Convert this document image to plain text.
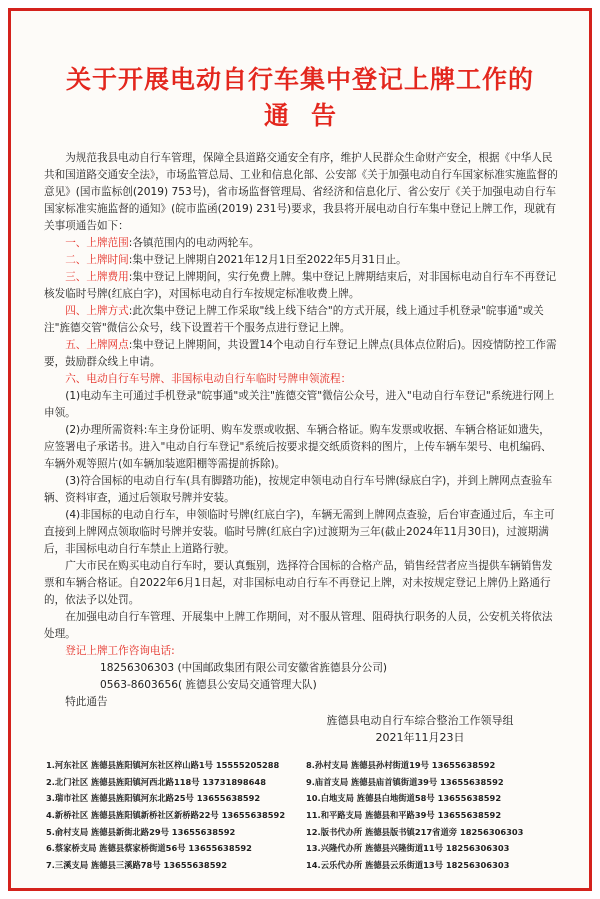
关于开展电动自行车集中登记上牌工作的
通告

为规范我县电动自行车管理，保障全县道路交通安全有序，维护人民群众生命财产安全，根据《中华人民共和国道路交通安全法》，市场监管总局、工业和信息化部、公安部《关于加强电动自行车国家标准实施监督的意见》(国市监标创(2019) 753号)，省市场监督管理局、省经济和信息化厅、省公安厅《关于加强电动自行车国家标准实施监督的通知》(皖市监函(2019) 231号)要求，我县将开展电动自行车集中登记上牌工作，现就有关事项通告如下：

一、上牌范围:各镇范围内的电动两轮车。

二、上牌时间:集中登记上牌期自2021年12月1日至2022年5月31日止。

三、上牌费用:集中登记上牌期间，实行免费上牌。集中登记上牌期结束后，对非国标电动自行车不再登记核发临时号牌(红底白字)，对国标电动自行车按规定标准收费上牌。

四、上牌方式:此次集中登记上牌工作采取"线上线下结合"的方式开展，线上通过手机登录"皖事通"或关注"旌德交管"微信公众号，线下设置若干个服务点进行登记上牌。

五、上牌网点:集中登记上牌期间，共设置14个电动自行车登记上牌点(具体点位附后)。因疫情防控工作需要，鼓励群众线上申请。

六、电动自行车号牌、非国标电动自行车临时号牌申领流程：

(1)电动车主可通过手机登录"皖事通"或关注"旌德交管"微信公众号，进入"电动自行车登记"系统进行网上申领。

(2)办理所需资料:车主身份证明、购车发票或收据、车辆合格证。购车发票或收据、车辆合格证如遗失，应签署电子承诺书。进入"电动自行车登记"系统后按要求提交纸质资料的图片，上传车辆车架号、电机编码、车辆外观等照片(如车辆加装遮阳棚等需提前拆除)。

(3)符合国标的电动自行车(具有脚踏功能)，按规定申领电动自行车号牌(绿底白字)，并到上牌网点查验车辆、资料审查，通过后领取号牌并安装。

(4)非国标的电动自行车，申领临时号牌(红底白字)，车辆无需到上牌网点查验，后台审查通过后，车主可直接到上牌网点领取临时号牌并安装。临时号牌(红底白字)过渡期为三年(截止2024年11月30日)，过渡期满后，非国标电动自行车禁止上道路行驶。

广大市民在购买电动自行车时，要认真甄别，选择符合国标的合格产品，销售经营者应当提供车辆销售发票和车辆合格证。自2022年6月1日起，对非国标电动自行车不再登记上牌，对未按规定登记上牌仍上路通行的，依法予以处罚。

在加强电动自行车管理、开展集中上牌工作期间，对不服从管理、阻碍执行职务的人员，公安机关将依法处理。

登记上牌工作咨询电话:

18256306303 (中国邮政集团有限公司安徽省旌德县分公司)

0563-8603656( 旌德县公安局交通管理大队)

特此通告

旌德县电动自行车综合整治工作领导组
2021年11月23日
1.河东社区 旌德县旌阳镇河东社区梓山路1号 15555205288	8.孙村支局 旌德县孙村街道19号 13655638592
2.北门社区 旌德县旌阳镇河西北路118号 13731898648	9.庙首支局 旌德县庙首镇街道39号 13655638592
3.瑞市社区 旌德县旌阳镇河东北路25号 13655638592	10.白地支局 旌德县白地街道58号 13655638592
4.新桥社区 旌德县旌阳镇新桥社区新桥路22号 13655638592	11.和平路支局 旌德县和平路39号 13655638592
5.俞村支局 旌德县新街北路29号 13655638592	12.版书代办所 旌德县版书镇217省道旁 18256306303
6.蔡家桥支局 旌德县蔡家桥街道56号 13655638592	13.兴隆代办所 旌德县兴隆街道11号 18256306303
7.三溪支局 旌德县三溪路78号 13655638592	14.云乐代办所 旌德县云乐街道13号 18256306303
